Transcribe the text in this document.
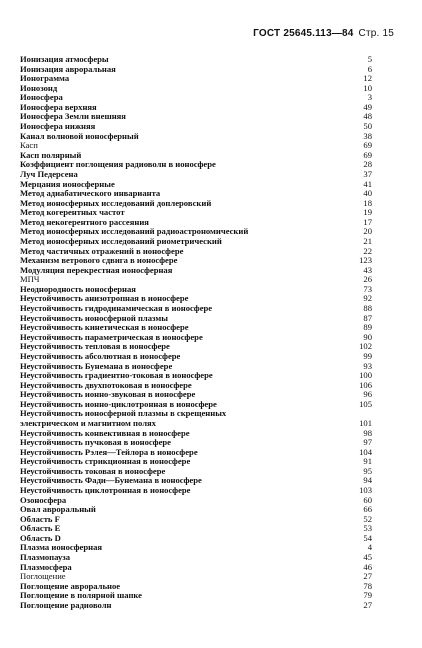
ГОСТ 25645.113—84 Стр. 15
Ионизация атмосферы	5
Ионизация авроральная	6
Ионограмма	12
Ионозонд	10
Ионосфера	3
Ионосфера верхняя	49
Ионосфера Земли внешняя	48
Ионосфера нижняя	50
Канал волновой ионосферный	38
Касп	69
Касп полярный	69
Коэффициент поглощения радиоволн в ионосфере	28
Луч Педерсена	37
Мерцания ионосферные	41
Метод адиабатического инварианта	40
Метод ионосферных исследований доплеровский	18
Метод когерентных частот	19
Метод некогерентного рассеяния	17
Метод ионосферных исследований радиоастрономический	20
Метод ионосферных исследований риометрический	21
Метод частичных отражений в ионосфере	22
Механизм ветрового сдвига в ионосфере	123
Модуляция перекрестная ионосферная	43
МПЧ	26
Неоднородность ионосферная	73
Неустойчивость анизотропная в ионосфере	92
Неустойчивость гидродинамическая в ионосфере	88
Неустойчивость ионосферной плазмы	87
Неустойчивость кинетическая в ионосфере	89
Неустойчивость параметрическая в ионосфере	90
Неустойчивость тепловая в ионосфере	102
Неустойчивость абсолютная в ионосфере	99
Неустойчивость Бунемана в ионосфере	93
Неустойчивость градиентно-токовая в ионосфере	100
Неустойчивость двухпотоковая в ионосфере	106
Неустойчивость ионно-звуковая в ионосфере	96
Неустойчивость ионно-циклотронная в ионосфере	105
Неустойчивость ионосферной плазмы в скрещенных
электрическом и магнитном полях	101
Неустойчивость конвективная в ионосфере	98
Неустойчивость пучковая в ионосфере	97
Неустойчивость Рэлея—Тейлора в ионосфере	104
Неустойчивость стрикционная в ионосфере	91
Неустойчивость токовая в ионосфере	95
Неустойчивость Фади—Бунемана в ионосфере	94
Неустойчивость циклотронная в ионосфере	103
Озоносфера	60
Овал авроральный	66
Область F	52
Область E	53
Область D	54
Плазма ионосферная	4
Плазмопауза	45
Плазмосфера	46
Поглощение	27
Поглощение авроральное	78
Поглощение в полярной шапке	79
Поглощение радиоволн	27
